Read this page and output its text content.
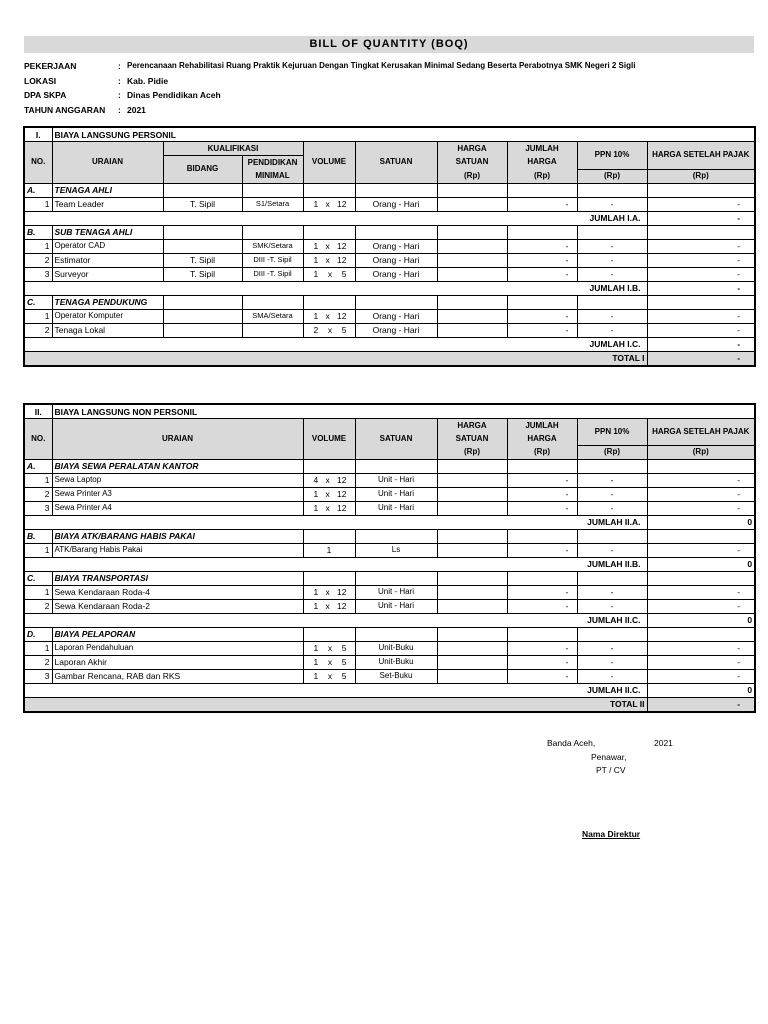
BILL OF QUANTITY (BOQ)
PEKERJAAN	: Perencanaan Rehabilitasi Ruang Praktik Kejuruan Dengan Tingkat Kerusakan Minimal Sedang Beserta Perabotnya SMK Negeri 2 Sigli
LOKASI	: Kab. Pidie
DPA SKPA	: Dinas Pendidikan Aceh
TAHUN ANGGARAN	: 2021
I.	BIAYA LANGSUNG PERSONIL								
NO.	URAIAN	KUALIFIKASI		VOLUME	SATUAN	HARGA	JUMLAH	PPN 10%	HARGA SETELAH PAJAK
		BIDANG	PENDIDIKAN			SATUAN	HARGA		
			MINIMAL			(Rp)	(Rp)	(Rp)	(Rp)
A.	TENAGA AHLI								
1	Team Leader	T. Sipil	S1/Setara	1 x 12	Orang - Hari		-	-	-
JUMLAH I.A.									-
B.	SUB TENAGA AHLI								
1	Operator CAD		SMK/Setara	1 x 12	Orang - Hari		-	-	-
2	Estimator	T. Sipil	DIII -T. Sipil	1 x 12	Orang - Hari		-	-	-
3	Surveyor	T. Sipil	DIII -T. Sipil	1 x 5	Orang - Hari		-	-	-
JUMLAH I.B.									-
C.	TENAGA PENDUKUNG								
1	Operator Komputer		SMA/Setara	1 x 12	Orang - Hari		-	-	-
2	Tenaga Lokal			2 x 5	Orang - Hari		-	-	-
JUMLAH I.C.									-
TOTAL I									-
II.	BIAYA LANGSUNG NON PERSONIL						
NO.	URAIAN	VOLUME	SATUAN	HARGA	JUMLAH	PPN 10%	HARGA SETELAH PAJAK
				SATUAN	HARGA		
				(Rp)	(Rp)	(Rp)	(Rp)
A.	BIAYA SEWA PERALATAN KANTOR						
1	Sewa Laptop	4 x 12	Unit - Hari		-	-	-
2	Sewa Printer A3	1 x 12	Unit - Hari		-	-	-
3	Sewa Printer A4	1 x 12	Unit - Hari		-	-	-
JUMLAH II.A.							0
B.	BIAYA ATK/BARANG HABIS PAKAI						
1	ATK/Barang Habis Pakai	1	Ls		-	-	-
JUMLAH II.B.							0
C.	BIAYA TRANSPORTASI						
1	Sewa Kendaraan Roda-4	1 x 12	Unit - Hari		-	-	-
2	Sewa Kendaraan Roda-2	1 x 12	Unit - Hari		-	-	-
JUMLAH II.C.							0
D.	BIAYA PELAPORAN						
1	Laporan Pendahuluan	1 x 5	Unit-Buku		-	-	-
2	Laporan Akhir	1 x 5	Unit-Buku		-	-	-
3	Gambar Rencana, RAB dan RKS	1 x 5	Set-Buku		-	-	-
JUMLAH II.C.							0
TOTAL II							-
Banda Aceh,	2021
Penawar,
PT / CV
Nama Direktur
